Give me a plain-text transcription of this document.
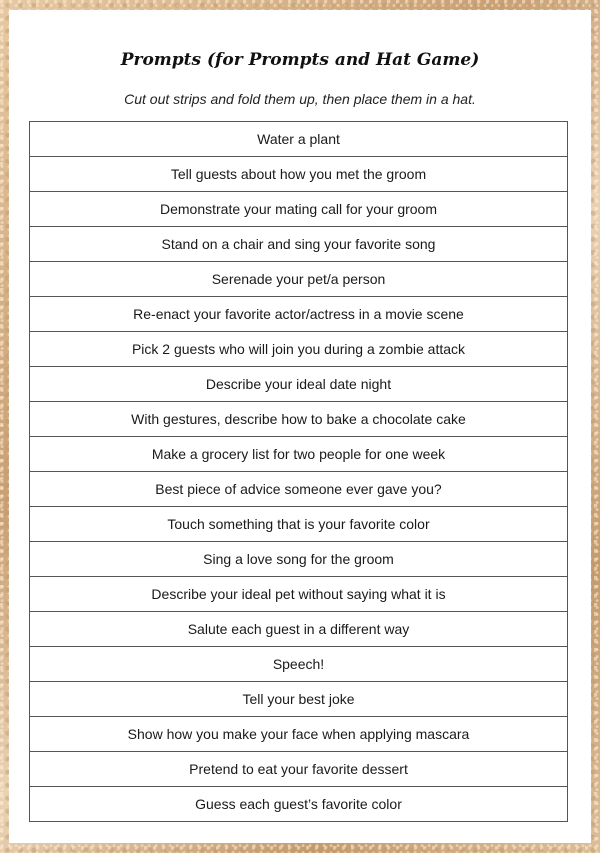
Prompts (for Prompts and Hat Game)

Cut out strips and fold them up, then place them in a hat.

Water a plant
Tell guests about how you met the groom
Demonstrate your mating call for your groom
Stand on a chair and sing your favorite song
Serenade your pet/a person
Re-enact your favorite actor/actress in a movie scene
Pick 2 guests who will join you during a zombie attack
Describe your ideal date night
With gestures, describe how to bake a chocolate cake
Make a grocery list for two people for one week
Best piece of advice someone ever gave you?
Touch something that is your favorite color
Sing a love song for the groom
Describe your ideal pet without saying what it is
Salute each guest in a different way
Speech!
Tell your best joke
Show how you make your face when applying mascara
Pretend to eat your favorite dessert
Guess each guest’s favorite color
